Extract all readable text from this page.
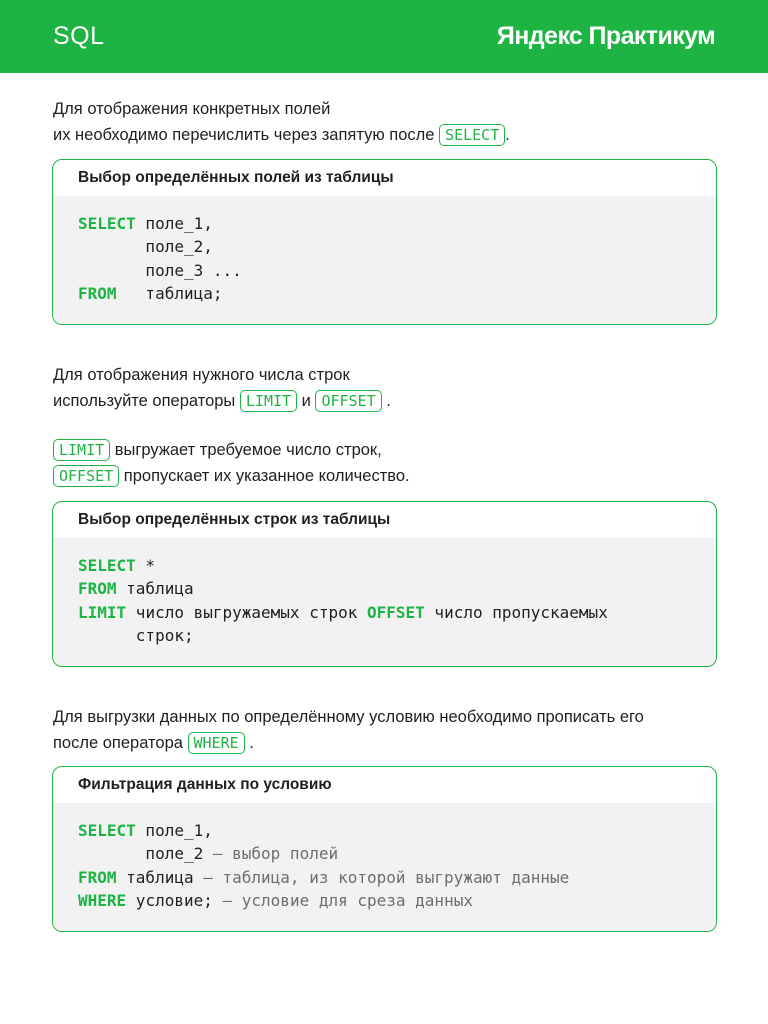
SQL	Яндекс Практикум
Для отображения конкретных полей
их необходимо перечислить через запятую после SELECT .
Выбор определённых полей из таблицы
SELECT поле_1,
поле_2,
поле_3 ...
FROM   таблица;
Для отображения нужного числа строк
используйте операторы LIMIT и OFFSET .
LIMIT выгружает требуемое число строк,
OFFSET пропускает их указанное количество.
Выбор определённых строк из таблицы
SELECT *
FROM таблица
LIMIT число выгружаемых строк OFFSET число пропускаемых
строк;
Для выгрузки данных по определённому условию необходимо прописать его
после оператора WHERE .
Фильтрация данных по условию
SELECT поле_1,
поле_2 — выбор полей
FROM таблица — таблица, из которой выгружают данные
WHERE условие; — условие для среза данных
